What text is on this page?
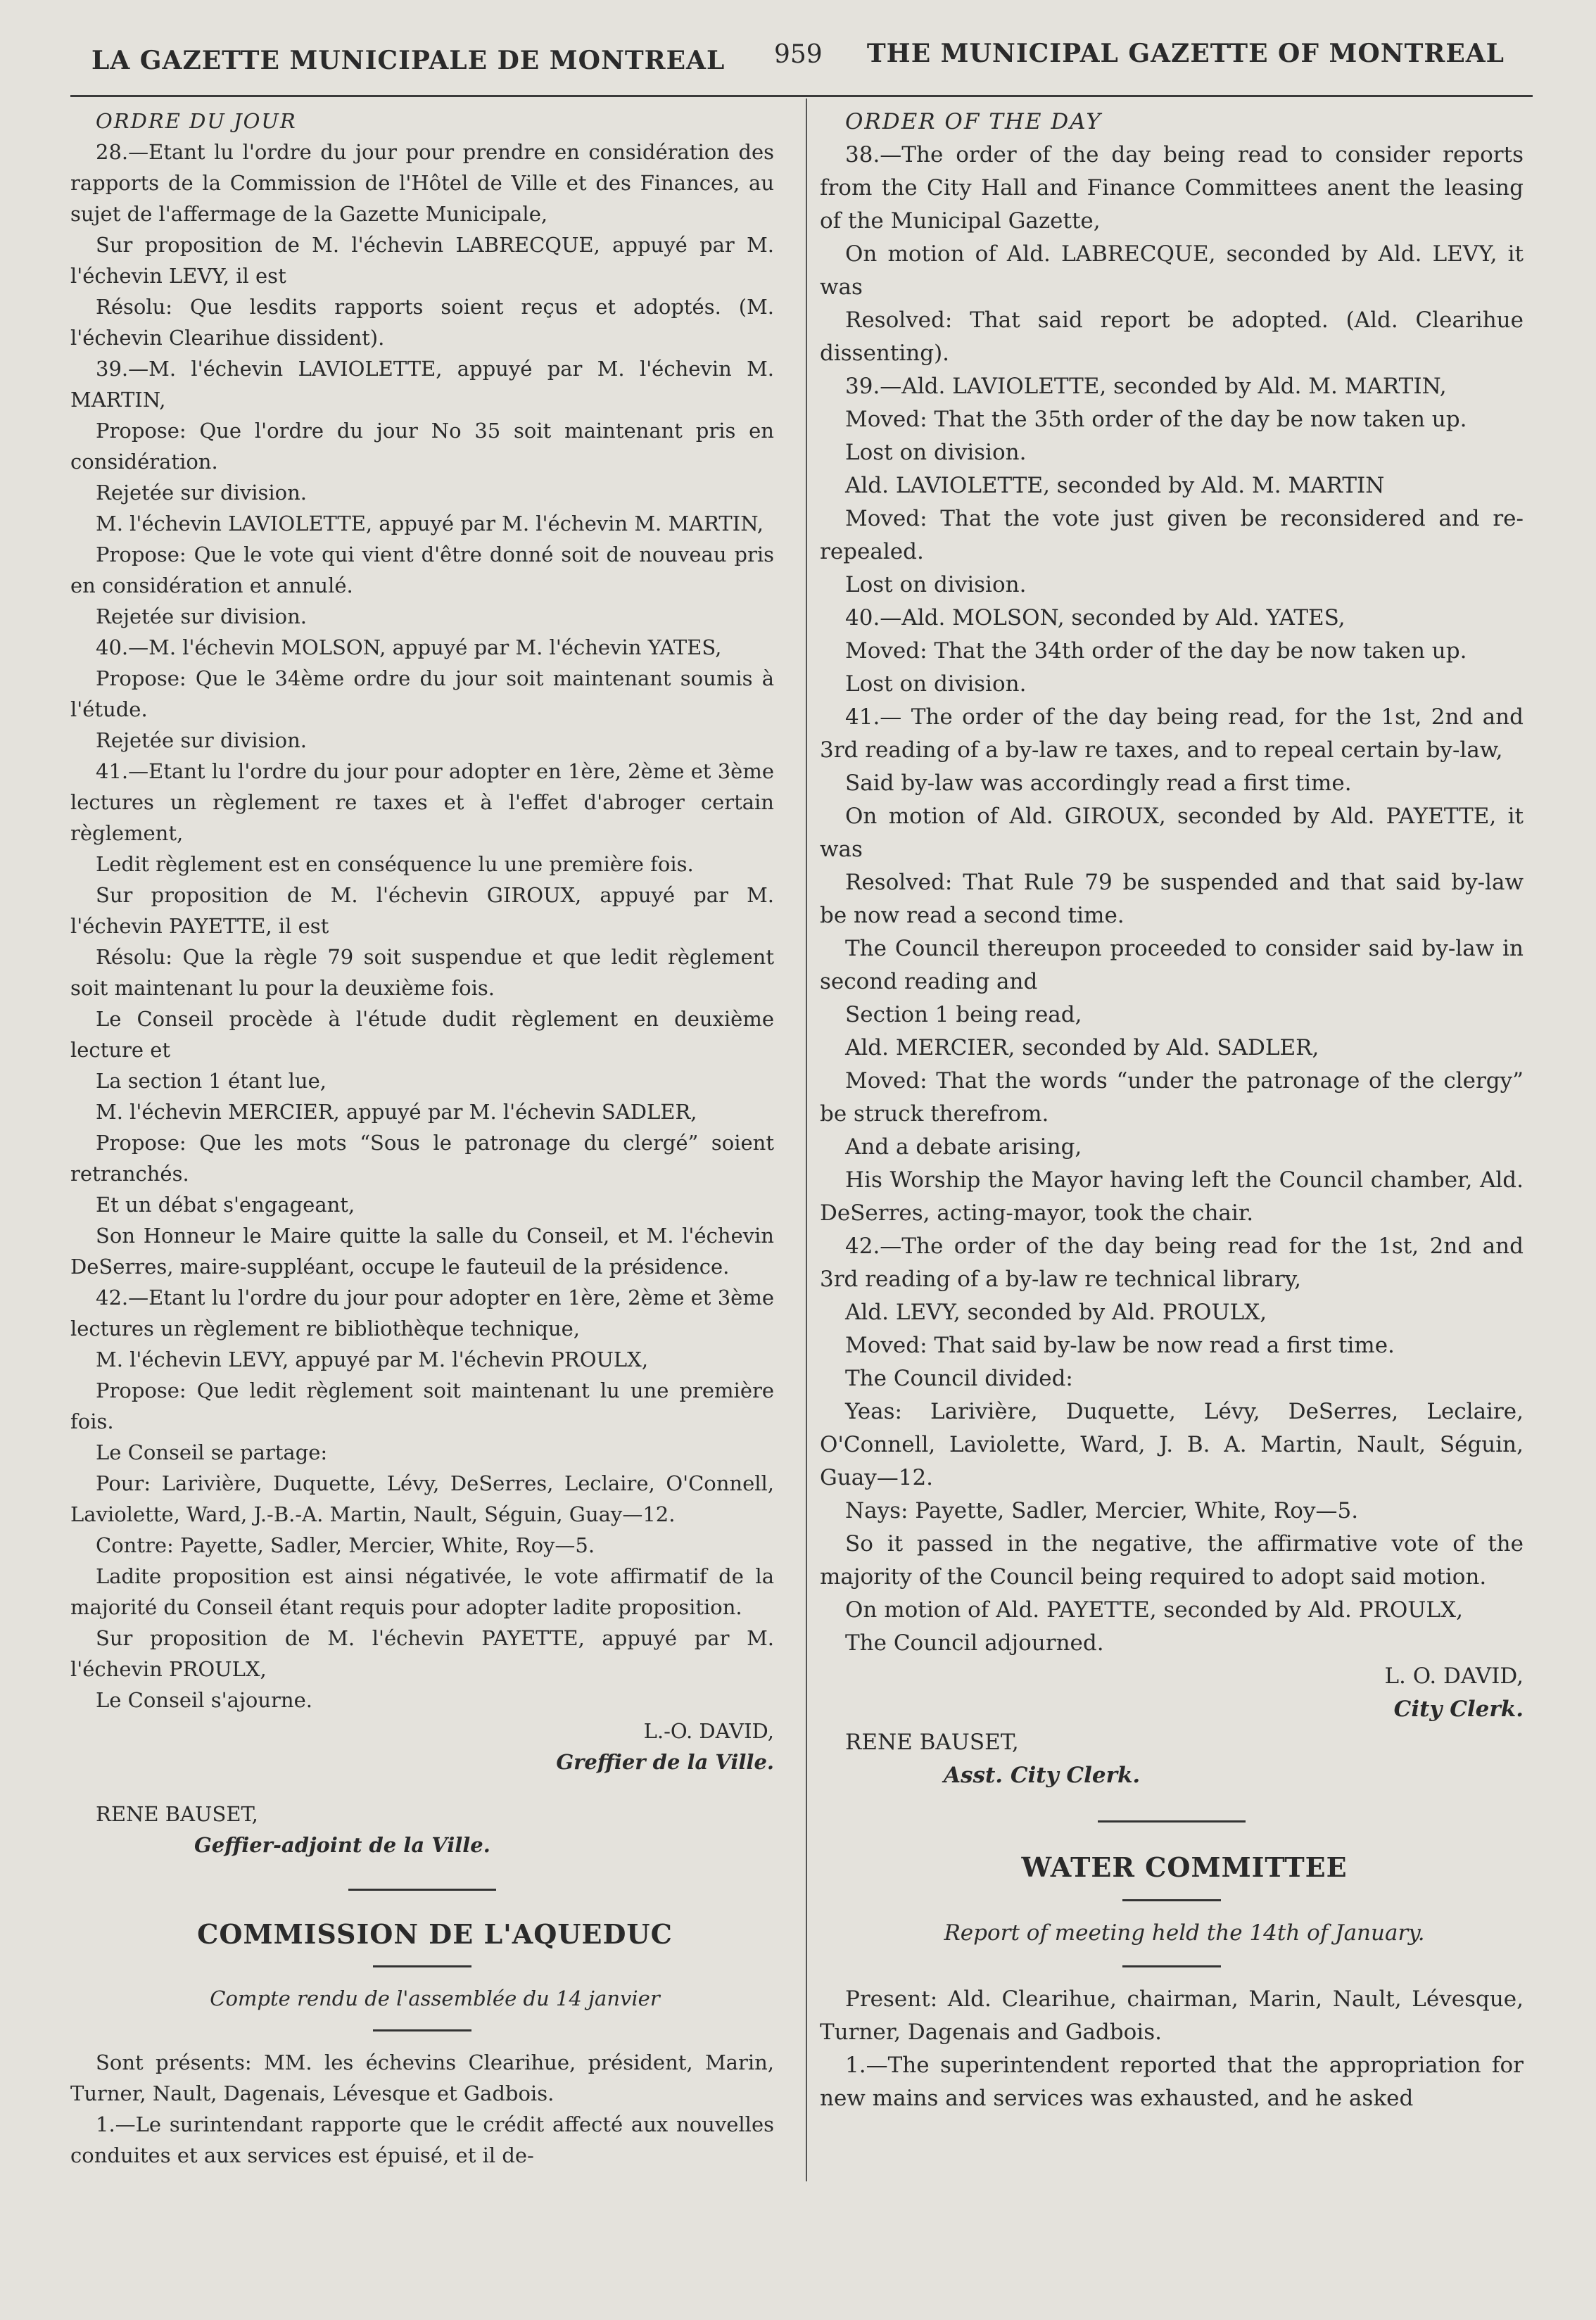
LA GAZETTE MUNICIPALE DE MONTREAL 959 THE MUNICIPAL GAZETTE OF MONTREAL

ORDRE DU JOUR

28.—Etant lu l'ordre du jour pour prendre en considération des rapports de la Commission de l'Hôtel de Ville et des Finances, au sujet de l'affermage de la Gazette Municipale,

Sur proposition de M. l'échevin LABRECQUE, appuyé par M. l'échevin LEVY, il est

Résolu: Que lesdits rapports soient reçus et adoptés. (M. l'échevin Clearihue dissident).

39.—M. l'échevin LAVIOLETTE, appuyé par M. l'échevin M. MARTIN,

Propose: Que l'ordre du jour No 35 soit maintenant pris en considération.

Rejetée sur division.

M. l'échevin LAVIOLETTE, appuyé par M. l'échevin M. MARTIN,

Propose: Que le vote qui vient d'être donné soit de nouveau pris en considération et annulé.

Rejetée sur division.

40.—M. l'échevin MOLSON, appuyé par M. l'échevin YATES,

Propose: Que le 34ème ordre du jour soit maintenant soumis à l'étude.

Rejetée sur division.

41.—Etant lu l'ordre du jour pour adopter en 1ère, 2ème et 3ème lectures un règlement re taxes et à l'effet d'abroger certain règlement,

Ledit règlement est en conséquence lu une première fois.

Sur proposition de M. l'échevin GIROUX, appuyé par M. l'échevin PAYETTE, il est

Résolu: Que la règle 79 soit suspendue et que ledit règlement soit maintenant lu pour la deuxième fois.

Le Conseil procède à l'étude dudit règlement en deuxième lecture et

La section 1 étant lue,

M. l'échevin MERCIER, appuyé par M. l'échevin SADLER,

Propose: Que les mots “Sous le patronage du clergé” soient retranchés.

Et un débat s'engageant,

Son Honneur le Maire quitte la salle du Conseil, et M. l'échevin DeSerres, maire-suppléant, occupe le fauteuil de la présidence.

42.—Etant lu l'ordre du jour pour adopter en 1ère, 2ème et 3ème lectures un règlement re bibliothèque technique,

M. l'échevin LEVY, appuyé par M. l'échevin PROULX,

Propose: Que ledit règlement soit maintenant lu une première fois.

Le Conseil se partage:

Pour: Larivière, Duquette, Lévy, DeSerres, Leclaire, O'Connell, Laviolette, Ward, J.-B.-A. Martin, Nault, Séguin, Guay—12.

Contre: Payette, Sadler, Mercier, White, Roy—5.

Ladite proposition est ainsi négativée, le vote affirmatif de la majorité du Conseil étant requis pour adopter ladite proposition.

Sur proposition de M. l'échevin PAYETTE, appuyé par M. l'échevin PROULX,

Le Conseil s'ajourne.

L.-O. DAVID,

Greffier de la Ville.

RENE BAUSET,

Geffier-adjoint de la Ville.

COMMISSION DE L'AQUEDUC

Compte rendu de l'assemblée du 14 janvier

Sont présents: MM. les échevins Clearihue, président, Marin, Turner, Nault, Dagenais, Lévesque et Gadbois.

1.—Le surintendant rapporte que le crédit affecté aux nouvelles conduites et aux services est épuisé, et il de-

ORDER OF THE DAY

38.—The order of the day being read to consider reports from the City Hall and Finance Committees anent the leasing of the Municipal Gazette,

On motion of Ald. LABRECQUE, seconded by Ald. LEVY, it was

Resolved: That said report be adopted. (Ald. Clearihue dissenting).

39.—Ald. LAVIOLETTE, seconded by Ald. M. MARTIN,

Moved: That the 35th order of the day be now taken up.

Lost on division.

Ald. LAVIOLETTE, seconded by Ald. M. MARTIN

Moved: That the vote just given be reconsidered and re-repealed.

Lost on division.

40.—Ald. MOLSON, seconded by Ald. YATES,

Moved: That the 34th order of the day be now taken up.

Lost on division.

41.— The order of the day being read, for the 1st, 2nd and 3rd reading of a by-law re taxes, and to repeal certain by-law,

Said by-law was accordingly read a first time.

On motion of Ald. GIROUX, seconded by Ald. PAYETTE, it was

Resolved: That Rule 79 be suspended and that said by-law be now read a second time.

The Council thereupon proceeded to consider said by-law in second reading and

Section 1 being read,

Ald. MERCIER, seconded by Ald. SADLER,

Moved: That the words “under the patronage of the clergy” be struck therefrom.

And a debate arising,

His Worship the Mayor having left the Council chamber, Ald. DeSerres, acting-mayor, took the chair.

42.—The order of the day being read for the 1st, 2nd and 3rd reading of a by-law re technical library,

Ald. LEVY, seconded by Ald. PROULX,

Moved: That said by-law be now read a first time.

The Council divided:

Yeas: Larivière, Duquette, Lévy, DeSerres, Leclaire, O'Connell, Laviolette, Ward, J. B. A. Martin, Nault, Séguin, Guay—12.

Nays: Payette, Sadler, Mercier, White, Roy—5.

So it passed in the negative, the affirmative vote of the majority of the Council being required to adopt said motion.

On motion of Ald. PAYETTE, seconded by Ald. PROULX,

The Council adjourned.

L. O. DAVID,

City Clerk.

RENE BAUSET,

Asst. City Clerk.

WATER COMMITTEE

Report of meeting held the 14th of January.

Present: Ald. Clearihue, chairman, Marin, Nault, Lévesque, Turner, Dagenais and Gadbois.

1.—The superintendent reported that the appropriation for new mains and services was exhausted, and he asked
